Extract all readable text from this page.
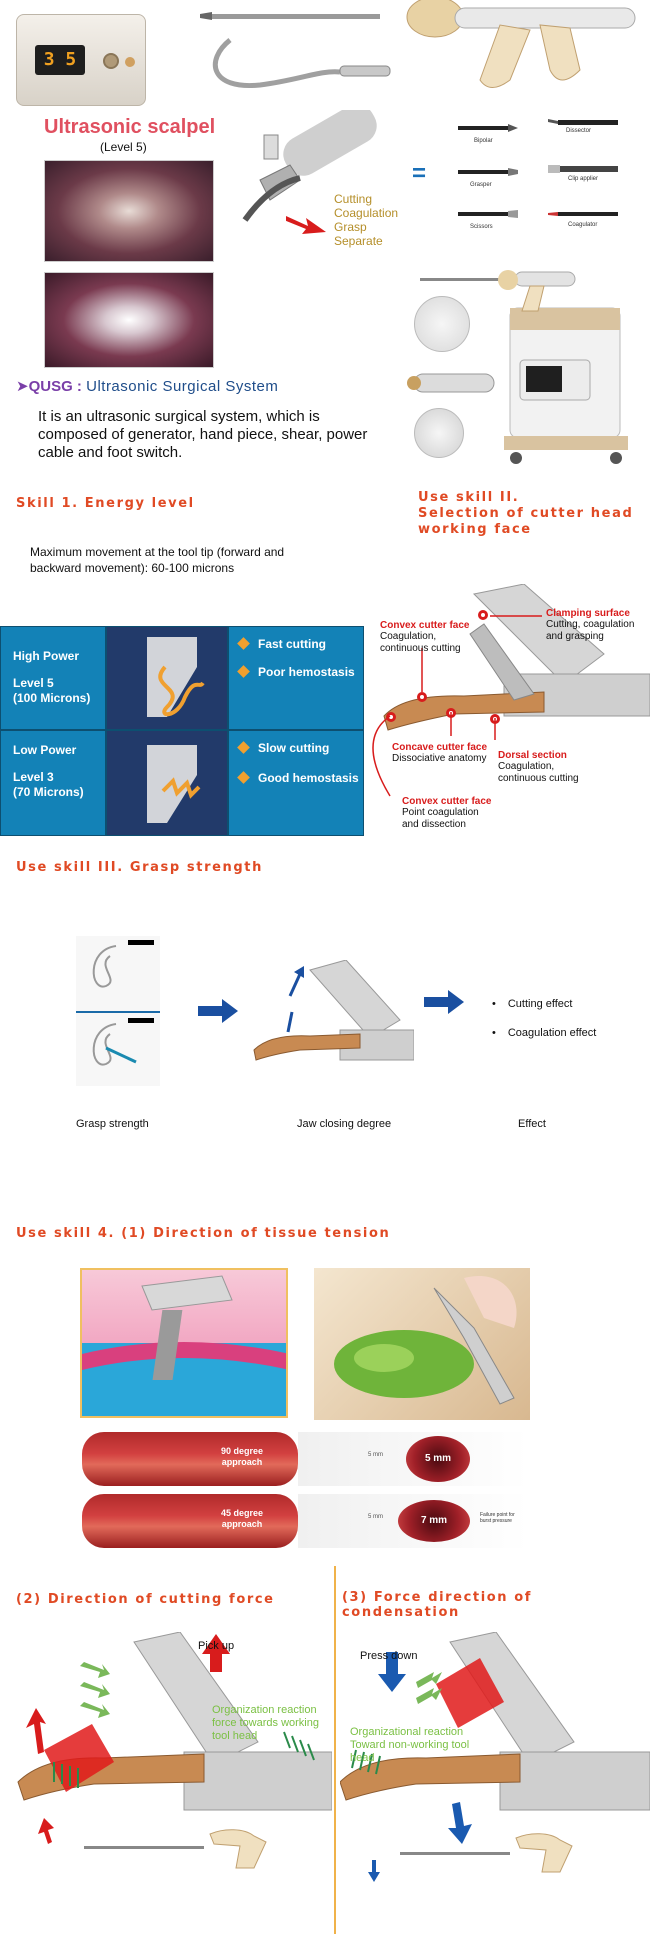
3 5
Ultrasonic scalpel
(Level 5)
Cutting
Coagulation
Grasp
Separate
=
Bipolar
Dissector
Grasper
Clip applier
Scissors	Coagulator
➤QUSG : Ultrasonic Surgical System
It is an ultrasonic surgical system, which is composed of generator, hand piece, shear, power cable and foot switch.
Skill 1. Energy level	Use skill II.
Selection of cutter head
working face
Maximum movement at the tool tip (forward and backward movement): 60-100 microns
High Power
Level 5
(100 Microns)
Fast cutting
Poor hemostasis
Low Power
Level 3
(70 Microns)
Slow cutting
Good hemostasis
Clamping surface
Cutting, coagulation
and grasping
Convex cutter face
Coagulation,
continuous cutting
Concave cutter face
Dissociative anatomy Dorsal section
Coagulation,
continuous cutting
Convex cutter face
Point coagulation
and dissection
Use skill III. Grasp strength
• Cutting effect
• Coagulation effect
Grasp strength	Jaw closing degree	Effect
Use skill 4. (1) Direction of tissue tension
90 degree approach
5 mm	5 mm
45 degree approach
5 mm	7 mm	Failure point for burst pressure
(2) Direction of cutting force	(3) Force direction of condensation
Pick up
Organization reaction force towards working tool head
Press down
Organizational reaction Toward non-working tool head
